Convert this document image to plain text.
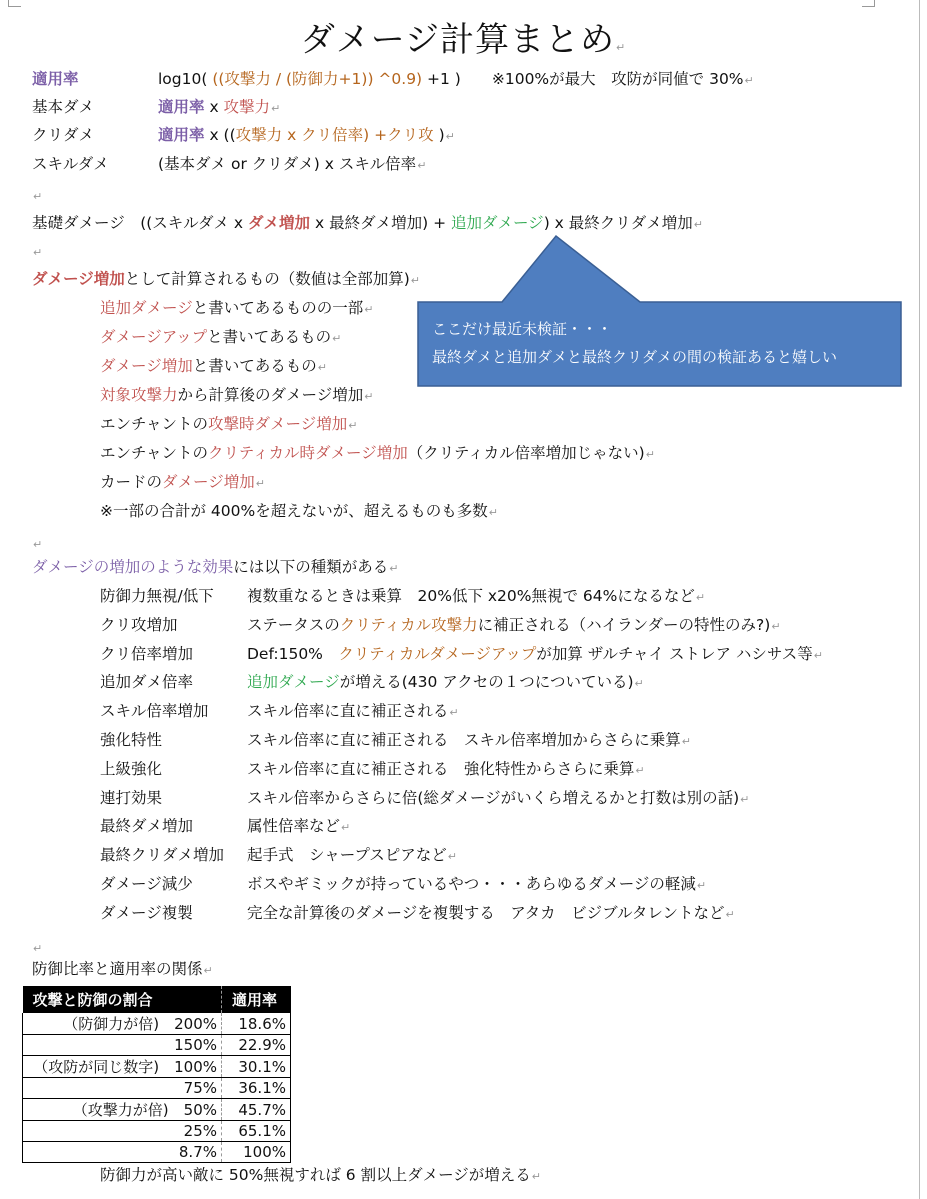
ダメージ計算まとめ↵
適用率	log10( ((攻撃力 / (防御力+1)) ^0.9) +1 )　　※100%が最大　攻防が同値で 30%↵
基本ダメ	適用率 x 攻撃力↵
クリダメ	適用率 x ((攻撃力 x クリ倍率) +クリ攻 )↵
スキルダメ	(基本ダメ or クリダメ) x スキル倍率↵
基礎ダメージ　((スキルダメ x ダメ増加 x 最終ダメ増加) + 追加ダメージ) x 最終クリダメ増加↵
ここだけ最近未検証・・・
最終ダメと追加ダメと最終クリダメの間の検証あると嬉しい
ダメージ増加として計算されるもの（数値は全部加算)↵
追加ダメージと書いてあるものの一部↵
ダメージアップと書いてあるもの↵
ダメージ増加と書いてあるもの↵
対象攻撃力から計算後のダメージ増加↵
エンチャントの攻撃時ダメージ増加↵
エンチャントのクリティカル時ダメージ増加（クリティカル倍率増加じゃない)↵
カードのダメージ増加↵
※一部の合計が 400%を超えないが、超えるものも多数↵
ダメージの増加のような効果には以下の種類がある↵
防御力無視/低下 複数重なるときは乗算　20%低下 x20%無視で 64%になるなど↵
クリ攻増加	ステータスのクリティカル攻撃力に補正される（ハイランダーの特性のみ?)↵
クリ倍率増加	Def:150%　クリティカルダメージアップが加算 ザルチャイ ストレア ハシサス等↵
追加ダメ倍率	追加ダメージが増える(430 アクセの１つについている)↵
スキル倍率増加 スキル倍率に直に補正される↵
強化特性	スキル倍率に直に補正される　スキル倍率増加からさらに乗算↵
上級強化	スキル倍率に直に補正される　強化特性からさらに乗算↵
連打効果	スキル倍率からさらに倍(総ダメージがいくら増えるかと打数は別の話)↵
最終ダメ増加	属性倍率など↵
最終クリダメ増加 起手式　シャープスピアなど↵
ダメージ減少	ボスやギミックが持っているやつ・・・あらゆるダメージの軽減↵
ダメージ複製	完全な計算後のダメージを複製する　アタカ　ビジブルタレントなど↵
防御比率と適用率の関係↵
攻撃と防御の割合	適用率
（防御力が倍)　200%	18.6%
150%	22.9%
（攻防が同じ数字)　100%	30.1%
75%	36.1%
（攻撃力が倍)　50%	45.7%
25%	65.1%
8.7%	100%
防御力が高い敵に 50%無視すれば 6 割以上ダメージが増える↵
↵
↵
↵
↵
